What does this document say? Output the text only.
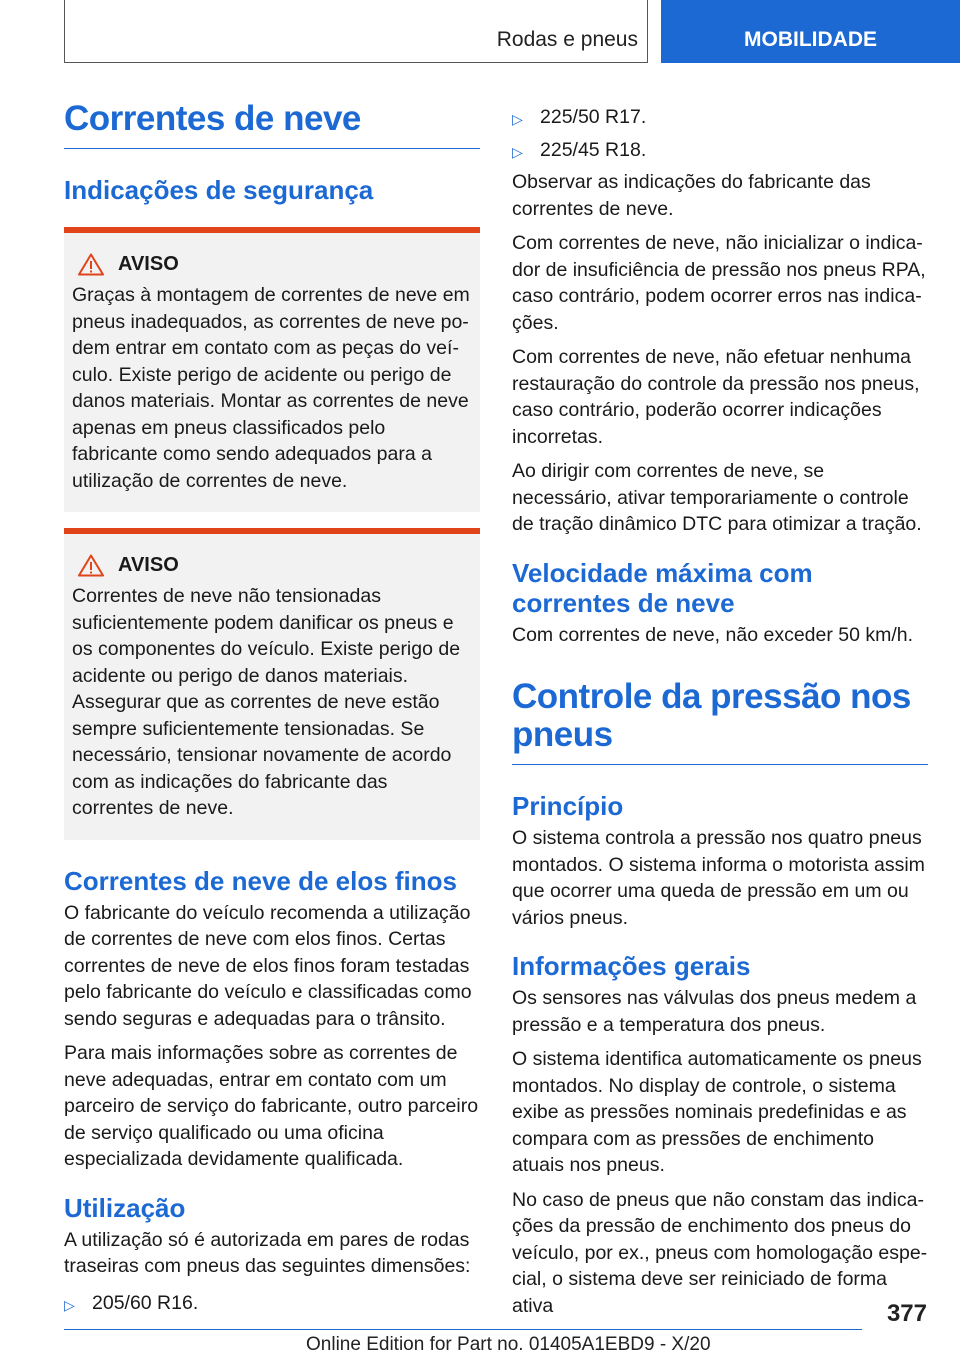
Rodas e pneus	MOBILIDADE
Correntes de neve
Indicações de segurança
AVISO

Graças à montagem de correntes de neve em pneus inadequados, as correntes de neve podem entrar em contato com as peças do veículo. Existe perigo de acidente ou perigo de danos materiais. Montar as correntes de neve apenas em pneus classificados pelo fabricante como sendo adequados para a utilização de correntes de neve.

AVISO

Correntes de neve não tensionadas suficientemente podem danificar os pneus e os componentes do veículo. Existe perigo de acidente ou perigo de danos materiais. Assegurar que as correntes de neve estão sempre suficientemente tensionadas. Se necessário, tensionar novamente de acordo com as indicações do fabricante das correntes de neve.

Correntes de neve de elos finos

O fabricante do veículo recomenda a utilização de correntes de neve com elos finos. Certas correntes de neve de elos finos foram testadas pelo fabricante do veículo e classificadas como sendo seguras e adequadas para o trânsito.

Para mais informações sobre as correntes de neve adequadas, entrar em contato com um parceiro de serviço do fabricante, outro parceiro de serviço qualificado ou uma oficina especializada devidamente qualificada.

Utilização

A utilização só é autorizada em pares de rodas traseiras com pneus das seguintes dimensões:

▷ 205/60 R16.
▷ 225/50 R17.
▷ 225/45 R18.

Observar as indicações do fabricante das correntes de neve.

Com correntes de neve, não inicializar o indicador de insuficiência de pressão nos pneus RPA, caso contrário, podem ocorrer erros nas indicações.

Com correntes de neve, não efetuar nenhuma restauração do controle da pressão nos pneus, caso contrário, poderão ocorrer indicações incorretas.

Ao dirigir com correntes de neve, se necessário, ativar temporariamente o controle de tração dinâmico DTC para otimizar a tração.

Velocidade máxima com correntes de neve

Com correntes de neve, não exceder 50 km/h.

Controle da pressão nos pneus
Princípio

O sistema controla a pressão nos quatro pneus montados. O sistema informa o motorista assim que ocorrer uma queda de pressão em um ou vários pneus.

Informações gerais

Os sensores nas válvulas dos pneus medem a pressão e a temperatura dos pneus.

O sistema identifica automaticamente os pneus montados. No display de controle, o sistema exibe as pressões nominais predefinidas e as compara com as pressões de enchimento atuais nos pneus.

No caso de pneus que não constam das indicações da pressão de enchimento dos pneus do veículo, por ex., pneus com homologação especial, o sistema deve ser reiniciado de forma ativa	377
Online Edition for Part no. 01405A1EBD9 - X/20
